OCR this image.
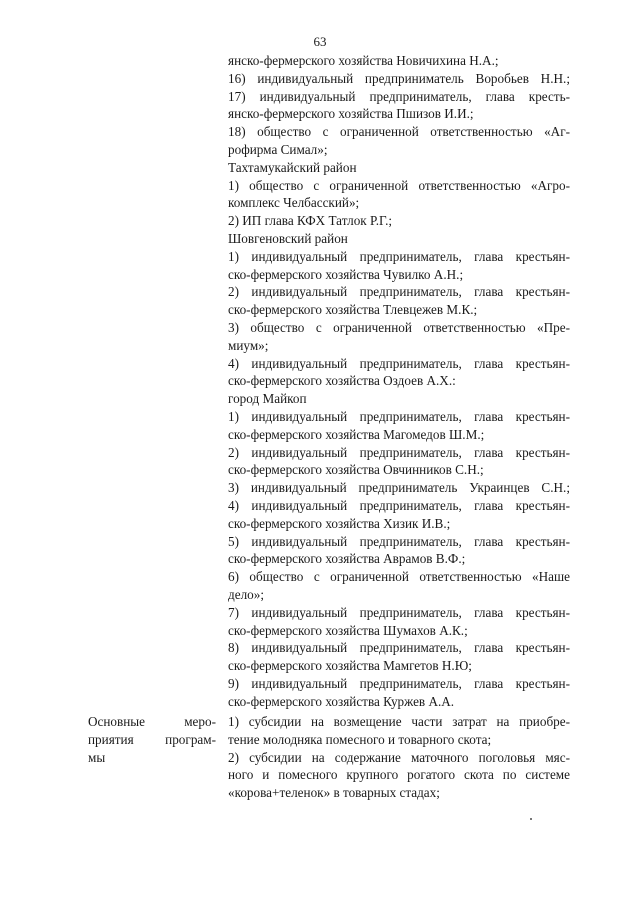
63
янско-фермерского хозяйства Новичихина Н.А.;
16) индивидуальный предприниматель Воробьев Н.Н.;
17) индивидуальный предприниматель, глава кресть-
янско-фермерского хозяйства Пшизов И.И.;
18) общество с ограниченной ответственностью «Аг-
рофирма Симал»;
Тахтамукайский район
1) общество с ограниченной ответственностью «Агро-
комплекс Челбасский»;
2) ИП глава КФХ Татлок Р.Г.;
Шовгеновский район
1) индивидуальный предприниматель, глава крестьян-
ско-фермерского хозяйства Чувилко А.Н.;
2) индивидуальный предприниматель, глава крестьян-
ско-фермерского хозяйства Тлевцежев М.К.;
3) общество с ограниченной ответственностью «Пре-
миум»;
4) индивидуальный предприниматель, глава крестьян-
ско-фермерского хозяйства Оздоев А.Х.:
город Майкоп
1) индивидуальный предприниматель, глава крестьян-
ско-фермерского хозяйства Магомедов Ш.М.;
2) индивидуальный предприниматель, глава крестьян-
ско-фермерского хозяйства Овчинников С.Н.;
3) индивидуальный предприниматель Украинцев С.Н.;
4) индивидуальный предприниматель, глава крестьян-
ско-фермерского хозяйства Хизик И.В.;
5) индивидуальный предприниматель, глава крестьян-
ско-фермерского хозяйства Аврамов В.Ф.;
6) общество с ограниченной ответственностью «Наше
дело»;
7) индивидуальный предприниматель, глава крестьян-
ско-фермерского хозяйства Шумахов А.К.;
8) индивидуальный предприниматель, глава крестьян-
ско-фермерского хозяйства Мамгетов Н.Ю;
9) индивидуальный предприниматель, глава крестьян-
ско-фермерского хозяйства Куржев А.А.
Основные меро-
приятия програм-
мы
1) субсидии на возмещение части затрат на приобре-
тение молодняка помесного и товарного скота;
2) субсидии на содержание маточного поголовья мяс-
ного и помесного крупного рогатого скота по системе
«корова+теленок» в товарных стадах;
